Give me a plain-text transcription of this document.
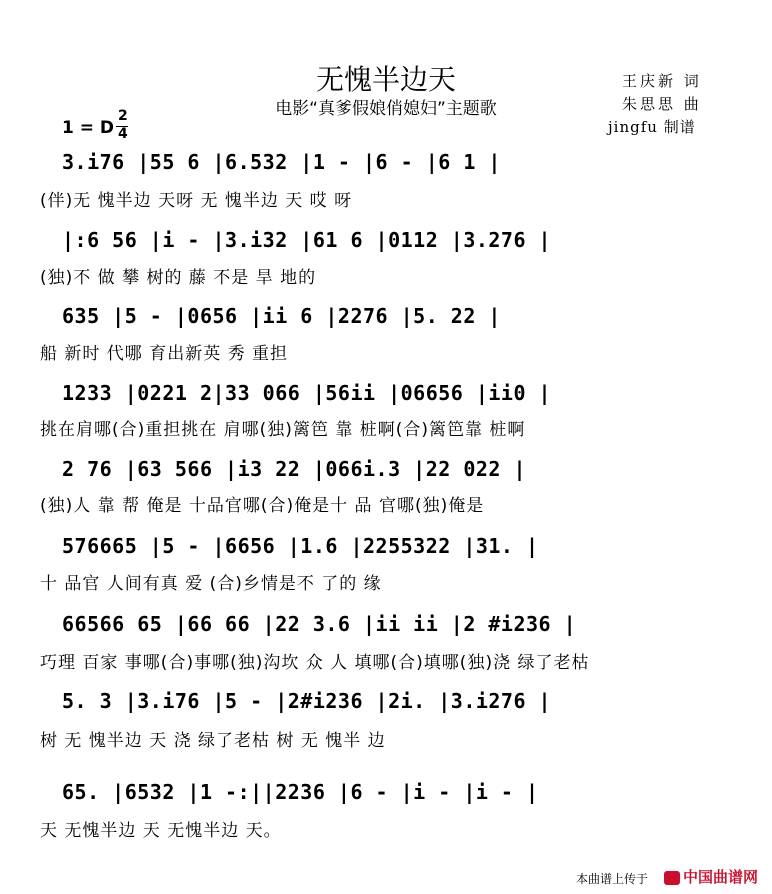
无愧半边天
电影“真爹假娘俏媳妇”主题歌
王庆新 词
朱思思 曲
jingfu 制谱
1 = D
2
4
3.i76 |55 6 |6.532 |1 - |6 - |6 1 |
(伴)无 愧半边 天呀 无 愧半边 天 哎 呀
|:6 56 |i - |3.i32 |61 6 |0112 |3.276 |
(独)不 做 攀 树的 藤 不是 旱 地的
635 |5 - |0656 |ii 6 |2276 |5. 22 |
船 新时 代哪 育出新英 秀 重担
1233 |0221 2|33 066 |56ii |06656 |ii0 |
挑在肩哪(合)重担挑在 肩哪(独)篱笆 靠 桩啊(合)篱笆靠 桩啊
2 76 |63 566 |i3 22 |066i.3 |22 022 |
(独)人 靠 帮 俺是 十品官哪(合)俺是十 品 官哪(独)俺是
576665 |5 - |6656 |1.6 |2255322 |31. |
十 品官 人间有真 爱 (合)乡情是不 了的 缘
66566 65 |66 66 |22 3.6 |ii ii |2 #i236 |
巧理 百家 事哪(合)事哪(独)沟坎 众 人 填哪(合)填哪(独)浇 绿了老枯
5. 3 |3.i76 |5 - |2#i236 |2i. |3.i276 |
树 无 愧半边 天 浇 绿了老枯 树 无 愧半 边
65. |6532 |1 -:||2236 |6 - |i - |i - |
天 无愧半边 天 无愧半边 天。
本曲谱上传于	中国曲谱网
